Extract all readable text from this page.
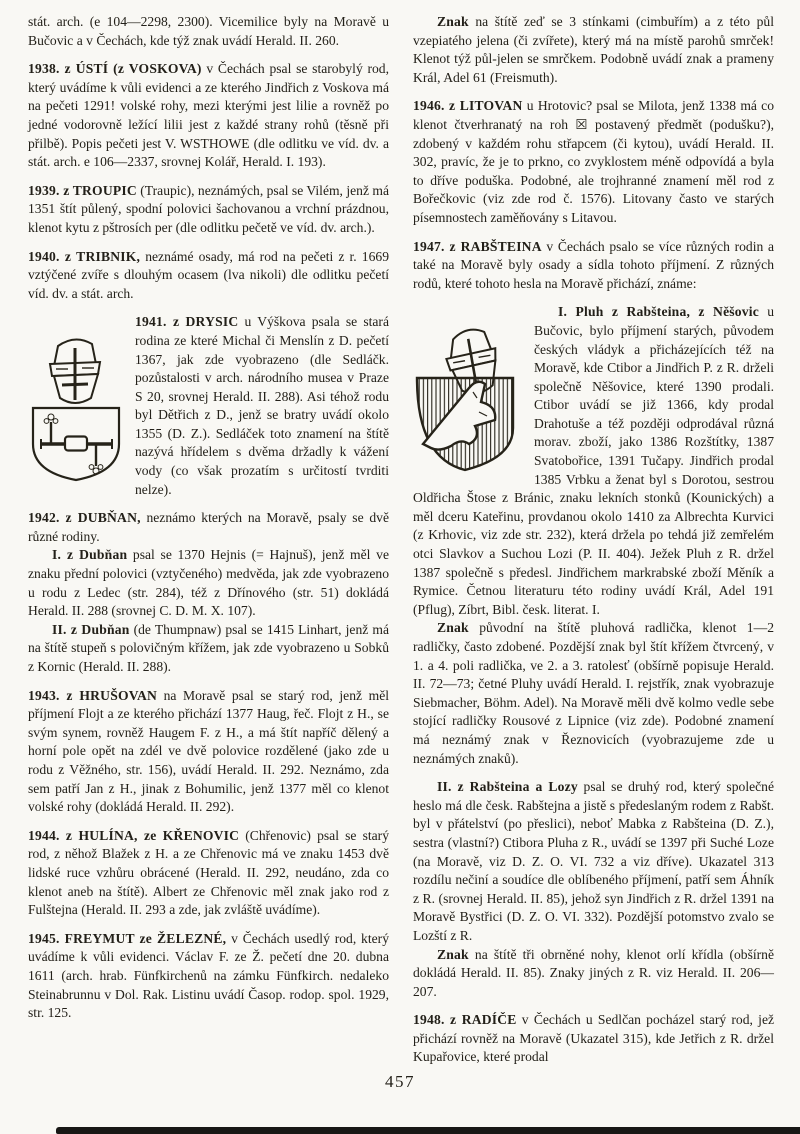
stát. arch. (e 104—2298, 2300). Vicemilice byly na Moravě u Bučovic a v Čechách, kde týž znak uvádí Herald. II. 260.

1938. z ÚSTÍ (z VOSKOVA) v Čechách psal se starobylý rod, který uvádíme k vůli evidenci a ze kterého Jindřich z Voskova má na pečeti 1291! volské rohy, mezi kterými jest lilie a rovněž po jedné vodorovně ležící lilii jest z každé strany rohů (těsně při přilbě). Popis pečeti jest V. WSTHOWE (dle odlitku ve víd. dv. a stát. arch. e 106—2337, srovnej Kolář, Herald. I. 193).

1939. z TROUPIC (Traupic), neznámých, psal se Vilém, jenž má 1351 štít půlený, spodní polovici šachovanou a vrchní prázdnou, klenot kytu z pštrosích per (dle odlitku pečetě ve víd. dv. arch.).

1940. z TRIBNIK, neznámé osady, má rod na pečeti z r. 1669 vztýčené zvíře s dlouhým ocasem (lva nikoli) dle odlitku pečetí víd. dv. a stát. arch.

1941. z DRYSIC u Výškova psala se stará rodina ze které Michal či Menslín z D. pečetí 1367, jak zde vyobrazeno (dle Sedláčk. pozůstalosti v arch. národního musea v Praze S 20, srovnej Herald. II. 288). Asi téhož rodu byl Dětřich z D., jenž se bratry uvádí okolo 1355 (D. Z.). Sedláček toto znamení na štítě nazývá hřídelem s dvěma držadly k vážení vody (co však prozatím s určitostí tvrditi nelze).

1942. z DUBŇAN, neznámo kterých na Moravě, psaly se dvě různé rodiny.

I. z Dubňan psal se 1370 Hejnis (= Hajnuš), jenž měl ve znaku přední polovici (vztyčeného) medvěda, jak zde vyobrazeno u rodu z Ledec (str. 284), též z Dřínového (str. 51) dokládá Herald. II. 288 (srovnej C. D. M. X. 107).

II. z Dubňan (de Thumpnaw) psal se 1415 Linhart, jenž má na štítě stupeň s polovičným křížem, jak zde vyobrazeno u Sobků z Kornic (Herald. II. 288).

1943. z HRUŠOVAN na Moravě psal se starý rod, jenž měl příjmení Flojt a ze kterého přichází 1377 Haug, řeč. Flojt z H., se svým synem, rovněž Haugem F. z H., a má štít napříč dělený a horní pole opět na zdél ve dvě polovice rozdělené (jako zde u rodu z Věžného, str. 156), uvádí Herald. II. 292. Neznámo, zda sem patří Jan z H., jinak z Bohumilic, jenž 1377 měl co klenot volské rohy (dokládá Herald. II. 292).

1944. z HULÍNA, ze KŘENOVIC (Chřenovic) psal se starý rod, z něhož Blažek z H. a ze Chřenovic má ve znaku 1453 dvě lidské ruce vzhůru obrácené (Herald. II. 292, neudáno, zda co klenot aneb na štítě). Albert ze Chřenovic měl znak jako rod z Fulštejna (Herald. II. 293 a zde, jak zvláště uvádíme).

1945. FREYMUT ze ŽELEZNÉ, v Čechách usedlý rod, který uvádíme k vůli evidenci. Václav F. ze Ž. pečetí dne 20. dubna 1611 (arch. hrab. Fünfkirchenů na zámku Fünfkirch. nedaleko Steinabrunnu v Dol. Rak. Listinu uvádí Časop. rodop. spol. 1929, str. 125.

Znak na štítě zeď se 3 stínkami (cimbuřím) a z této půl vzepiatého jelena (či zvířete), který má na místě parohů smrček! Klenot týž půl-jelen se smrčkem. Podobně uvádí znak a prameny Král, Adel 61 (Freismuth).

1946. z LITOVAN u Hrotovic? psal se Milota, jenž 1338 má co klenot čtverhranatý na roh ☒ postavený předmět (podušku?), zdobený v každém rohu střapcem (či kytou), uvádí Herald. II. 302, pravíc, že je to prkno, co zvyklostem méně odpovídá a byla to dříve poduška. Podobné, ale trojhranné znamení měl rod z Bořečkovic (viz zde rod č. 1576). Litovany často ve starých písemnostech zaměňovány s Litavou.

1947. z RABŠTEINA v Čechách psalo se více různých rodin a také na Moravě byly osady a sídla tohoto příjmení. Z různých rodů, které tohoto hesla na Moravě přichází, známe:

I. Pluh z Rabšteina, z Něšovic u Bučovic, bylo příjmení starých, původem českých vládyk a přicházejících též na Moravě, kde Ctibor a Jindřich P. z R. drželi společně Něšovice, které 1390 prodali. Ctibor uvádí se již 1366, kdy prodal Drahotuše a též později odprodával různá morav. zboží, jako 1386 Rozštítky, 1387 Svatobořice, 1391 Tučapy. Jindřich prodal 1385 Vrbku a ženat byl s Dorotou, sestrou Oldřicha Štose z Bránic, znaku lekních stonků (Kounických) a měl dceru Kateřinu, provdanou okolo 1410 za Albrechta Kurvici (z Krhovic, viz zde str. 232), která držela po tehdá již zemřelém otci Slavkov a Suchou Lozi (P. II. 404). Ježek Pluh z R. držel 1387 společně s předesl. Jindřichem markrabské zboží Měník a Rymice. Četnou literaturu této rodiny uvádí Král, Adel 191 (Pflug), Zíbrt, Bibl. česk. literat. I.

Znak původní na štítě pluhová radlička, klenot 1—2 radličky, často zdobené. Pozdější znak byl štít křížem čtvrcený, v 1. a 4. poli radlička, ve 2. a 3. ratolesť (obšírně popisuje Herald. II. 72—73; četné Pluhy uvádí Herald. I. rejstřík, znak vyobrazuje Siebmacher, Böhm. Adel). Na Moravě měli dvě kolmo vedle sebe stojící radličky Rousové z Lipnice (viz zde). Podobné znamení má neznámý znak v Řeznovicích (vyobrazujeme zde u neznámých znaků).

II. z Rabšteina a Lozy psal se druhý rod, který společné heslo má dle česk. Rabštejna a jistě s předeslaným rodem z Rabšt. byl v přátelství (po přeslici), neboť Mabka z Rabšteina (D. Z.), sestra (vlastní?) Ctibora Pluha z R., uvádí se 1397 při Suché Loze (na Moravě, viz D. Z. O. VI. 732 a viz dříve). Ukazatel 313 rozdílu nečiní a soudíce dle oblíbeného příjmení, patří sem Áhník z R. (srovnej Herald. II. 85), jehož syn Jindřich z R. držel 1391 na Moravě Bystřici (D. Z. O. VI. 332). Pozdější potomstvo zvalo se Lozští z R.

Znak na štítě tři obrněné nohy, klenot orlí křídla (obšírně dokládá Herald. II. 85). Znaky jiných z R. viz Herald. II. 206—207.

1948. z RADÍČE v Čechách u Sedlčan pocházel starý rod, jež přichází rovněž na Moravě (Ukazatel 315), kde Jetřich z R. držel Kupařovice, které prodal

457
